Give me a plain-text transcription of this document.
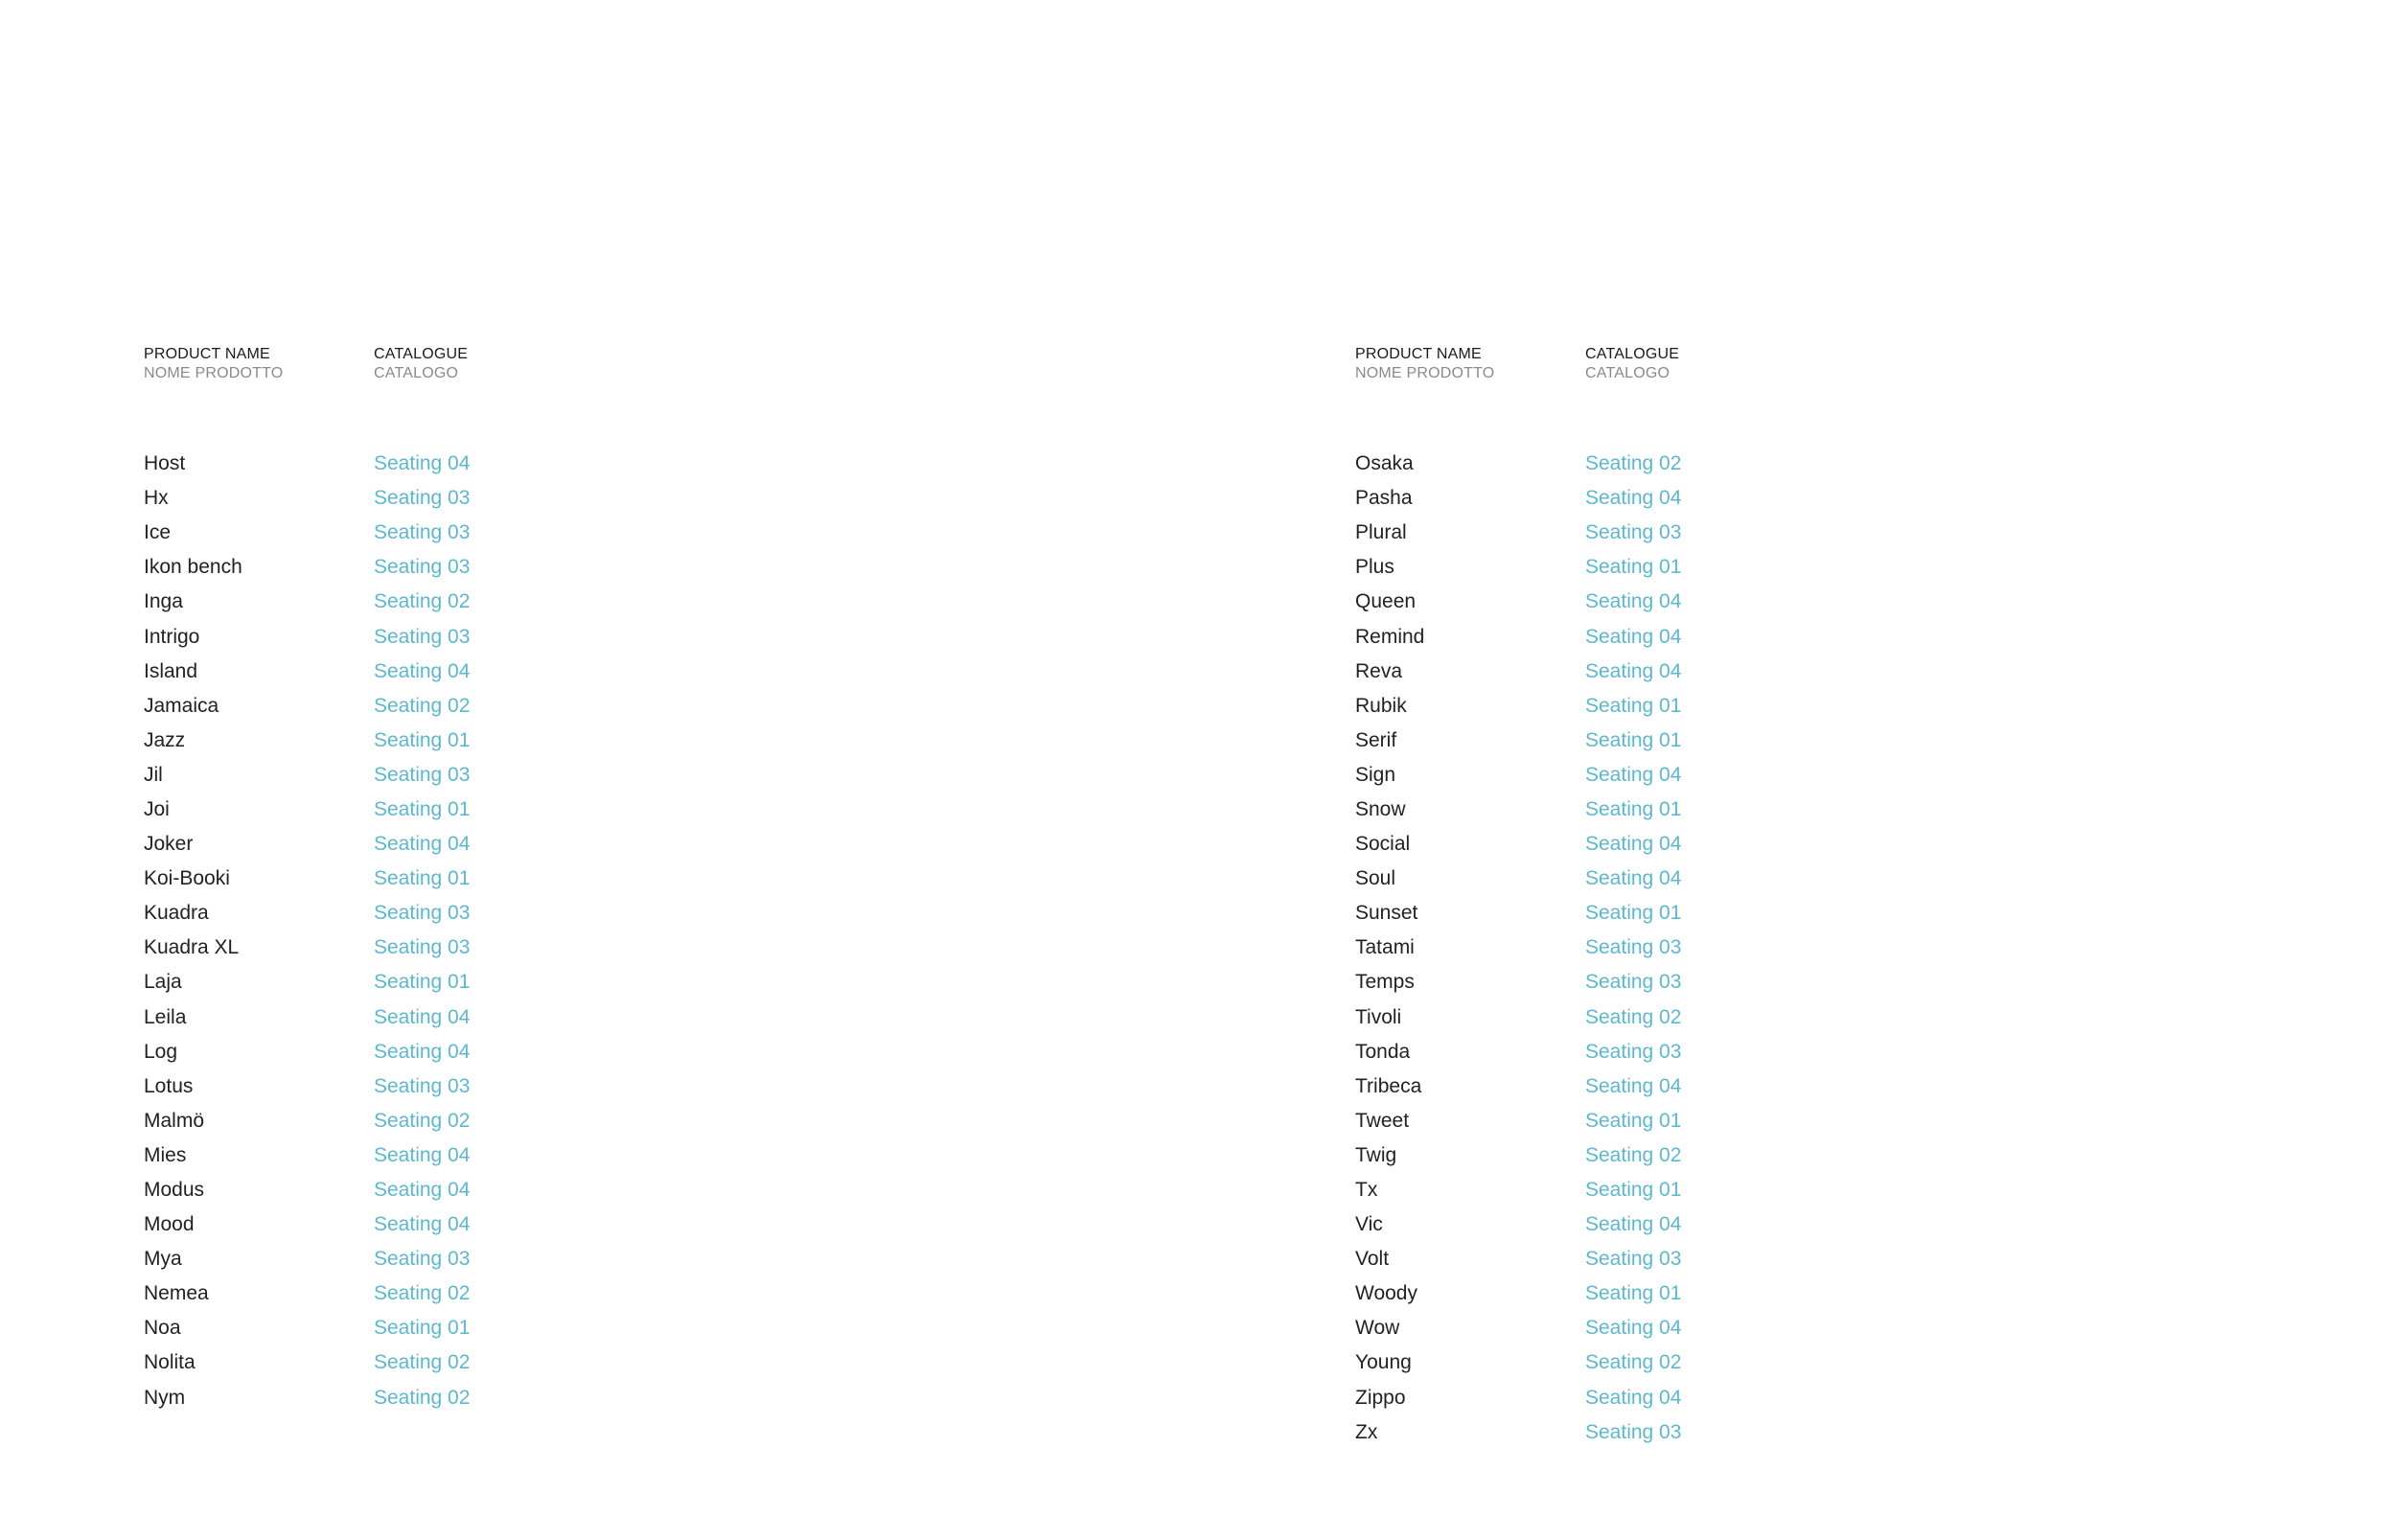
PRODUCT NAME
NOME PRODOTTO
CATALOGUE
CATALOGO
Host	Seating 04
Hx	Seating 03
Ice	Seating 03
Ikon bench	Seating 03
Inga	Seating 02
Intrigo	Seating 03
Island	Seating 04
Jamaica	Seating 02
Jazz	Seating 01
Jil	Seating 03
Joi	Seating 01
Joker	Seating 04
Koi-Booki	Seating 01
Kuadra	Seating 03
Kuadra XL	Seating 03
Laja	Seating 01
Leila	Seating 04
Log	Seating 04
Lotus	Seating 03
Malmö	Seating 02
Mies	Seating 04
Modus	Seating 04
Mood	Seating 04
Mya	Seating 03
Nemea	Seating 02
Noa	Seating 01
Nolita	Seating 02
Nym	Seating 02
PRODUCT NAME
NOME PRODOTTO
CATALOGUE
CATALOGO
Osaka	Seating 02
Pasha	Seating 04
Plural	Seating 03
Plus	Seating 01
Queen	Seating 04
Remind	Seating 04
Reva	Seating 04
Rubik	Seating 01
Serif	Seating 01
Sign	Seating 04
Snow	Seating 01
Social	Seating 04
Soul	Seating 04
Sunset	Seating 01
Tatami	Seating 03
Temps	Seating 03
Tivoli	Seating 02
Tonda	Seating 03
Tribeca	Seating 04
Tweet	Seating 01
Twig	Seating 02
Tx	Seating 01
Vic	Seating 04
Volt	Seating 03
Woody	Seating 01
Wow	Seating 04
Young	Seating 02
Zippo	Seating 04
Zx	Seating 03
